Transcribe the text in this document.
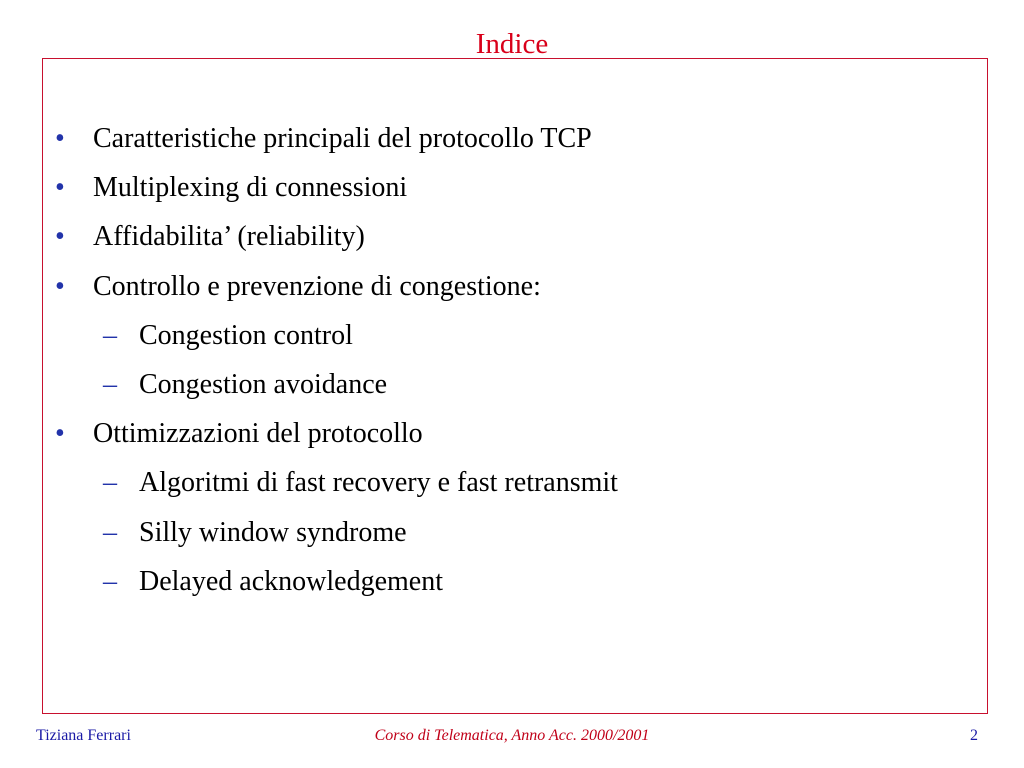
Indice
• Caratteristiche principali del protocollo TCP
• Multiplexing di connessioni
• Affidabilita’ (reliability)
• Controllo e prevenzione di congestione:
– Congestion control
– Congestion avoidance
• Ottimizzazioni del protocollo
– Algoritmi di fast recovery e fast retransmit
– Silly window syndrome
– Delayed acknowledgement
Tiziana Ferrari	Corso di Telematica, Anno Acc. 2000/2001	2
